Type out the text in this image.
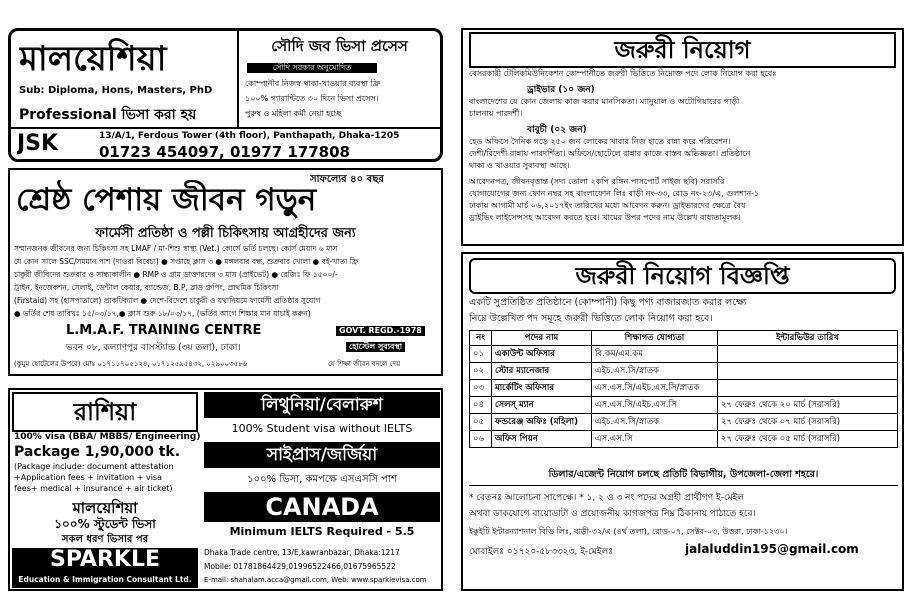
মালয়েশিয়া
Sub: Diploma, Hons, Masters, PhD
Professional ভিসা করা হয়
সৌদি জব ভিসা প্রসেস
সৌদি সরকার অনুমোদিত
কোম্পানীর নিজস্ব থাকা-খাওয়ার ব্যবস্থা ফ্রি
১০০% গ্যারান্টিতে ৩০ দিনে ভিসা প্রসেস।
পুরুষ ও মহিলা কর্মী নেয়া হচ্ছে
JSK	13/A/1, Ferdous Tower (4th floor), Panthapath, Dhaka-1205
01723 454097, 01977 177808
সাফল্যের ৪০ বছর
শ্রেষ্ঠ পেশায় জীবন গড়ুন
ফার্মেসী প্রতিষ্ঠা ও পল্লী চিকিৎসায় আগ্রহীদের জন্য
সম্মানজনক জীবনের জন্য চিকিৎসা সহ LMAF / মা-শিশু স্বাস্থ্য (Vet.) কোর্সে ভর্তি চলছে। কোর্স মেয়াদ ৬ মাস
যে কোন সালে SSC/সমমান পাশ (দাওরা বিবেচ্য) ● সপ্তাহে ক্লাস ৩ ● মঙ্গলবার বন্ধ, শুক্রবার খোলা ● বই-খাতা ফ্রি
চাকুরী জীবিদের শুক্রবার ও সান্ধ্যকালীন ● RMP ও গ্রাম ডাক্তারদের ৩ মাস (প্রাইভেট) ● রেজিঃ ফি ১৫০০/-
ট্রাইন, ইনজেকশন, সেলাই, ডেন্টাল কেয়ার, ব্যান্ডেজ, B.P, ব্লাড গ্রুপিং, প্রাথমিক চিকিৎসা
(Firstaid) সহ (হাসপাতালে) প্রাকটিক্যাল ● দেশে-বিদেশে চাকুরী ও যথানিয়মে ফার্মেসী প্রতিষ্ঠার সুযোগ
● ভর্তির শেষ তারিখঃ ১৫/০৩/১৭,● ক্লাস শুরু ১৮/০৩/১৭, (ভর্তির আগে শিক্ষার মান যাচাই করুন)
L.M.A.F. TRAINING CENTRE	GOVT. REGD.-1978
ভবন ০৮, কল্যাণপুর বাসস্ট্যান্ড (৩য় তলা), ঢাকা।	হোস্টেল সুব্যবস্থা
(কুমুম হোটেলের উপরে) মোঃ ০১৭১১৭০৫১২৪, ০১৭১২৫৯৫৪৩২, ০২৯০০৩৫৮৬	যে শিক্ষা জীবন বদলে দেয়
রাশিয়া
100% visa (BBA/ MBBS/ Engineering)
Package 1,90,000 tk.
(Package include: document attestation
+Application fees + invitation + visa
fees+ medical + insurance + air ticket)
মালয়েশিয়া
১০০% স্টুডেন্ট ভিসা
সকল ধরণ ভিসার পর
SPARKLE
Education & Immigration Consultant Ltd.
লিথুনিয়া/বেলারুশ
100% Student visa without IELTS
সাইপ্রাস/জর্জিয়া
১০০% ভিসা, কমপক্ষে এসএসসি পাশ
CANADA
Minimum IELTS Required - 5.5
Dhaka Trade centre, 13/E,kawranbazar, Dhaka:1217
Mobile: 01781864429,01996522466,01675965522
E-mail: shahalam.acca@gmail.com, Web: www.sparklevisa.com
জরুরী নিয়োগ
বেসরকারী টেলিকমিউনিকেশন কোম্পানীতে জরুরী ভিত্তিতে নিম্নোক্ত পদে লোক নিয়োগ করা হবেঃ
ড্রাইভার (১০ জন)
বাংলাদেশের যে কোন জেলায় কাজ করার মানসিকতা। ম্যানুয়াল ও অটোগিয়ারের গাড়ী
চালনায় পারদর্শী।
বাবুর্চী (০২ জন)
হেড অফিসে দৈনিক গড়ে ২৫০ জন লোকের খাবার নিজ হাতে রান্না করে পরিবেশন।
দেশী/বিদেশী রান্নায় পারদর্শিতা। অফিসে/হোটেলে রান্নার কাজে বাস্তব অভিজ্ঞতা। প্রতিষ্ঠানে
থাকা ও খাওয়ার সুব্যবস্থা আছে।
আবেদনপত্র, জীবনবৃত্তান্ত (সদ্য তোলা ২কপি রঙ্গিন পাসপোর্ট সাইজ ছবি) সরাসরি
যোগাযোগের জন্য ফোন নম্বর সহ বাংলাফোন লিঃ বাড়ী নং-৩৩, রোড নং-২৩/এ, গুলশান-১
ঢাকায় আগামী মার্চ ০৬,২০১৭ইং তারিখের মধ্যে আবেদন করুন। ড্রাইভারদের ক্ষেত্রে বৈধ
ড্রাইভিং লাইসেন্সসহ আবেদন করতে হবে। খামের উপর পদের নাম উল্লেখ বাধ্যতামূলক।
জরুরী নিয়োগ বিজ্ঞপ্তি
একটি সুপ্রতিষ্ঠিত প্রতিষ্ঠানে (কোম্পানী) কিছু পণ্য বাজারজাত করার লক্ষ্যে
নিম্নে উল্লেখিত পদ সমূহে জরুরী ভিত্তিতে লোক নিয়োগ করা হবে।
নং	পদের নাম	শিক্ষাগত যোগ্যতা	ইন্টারভিউর তারিখ
০১	একাউন্ট অফিসার	বি.কম/এম.কম	
০২	স্টোর ম্যানেজার	এইচ.এস.সি/স্নাতক	
০৩	মার্কেটিং অফিসার	এস.এস.সি/এইচ.এস.সি/স্নাতক	
০৪	সেলস্ ম্যান	এস.এস.সি/এইচ.এস.সি	২৭ ফেব্রুঃ থেকে ২০ মার্চ (সরাসরি)
০৫	ফন্ডরেঞ্জ অফিঃ (মহিলা)	এইচ.এস.সি/স্নাতক	২৭ ফেব্রুঃ থেকে ০৭ মার্চ (সরাসরি)
০৬	অফিস পিয়ন	এস.এস.সি	২৭ ফেব্রুঃ থেকে ০৫ মার্চ (সরাসরি)
ডিলার/এজেন্ট নিয়োগ চলছে প্রতিটি বিভাগীয়, উপজেলা-জেলা শহরে।
* বেতনঃ আলোচনা সাপেক্ষে। * ১, ২ ও ৩ নং পদের অগ্রহী প্রার্থীগণ ই-মেইল
অথবা ডাকযোগে বায়োডাটা ও প্রয়োজনীয় কাগজপত্র নিম্ন ঠিকানায় পাঠাতে হবে।
ইকুইটি ইন্টারন্যাশনাল বিডি লিঃ, বাড়ী-৩২/এ (৪র্থ তলা), রোড-০৭, সেক্টর-০৩, উত্তরা, ঢাকা-১২৩০।
মোবাইলঃ ০১৭২০-৫৮৩৩২৩, ই-মেইলঃ	jalaluddin195@gmail.com
